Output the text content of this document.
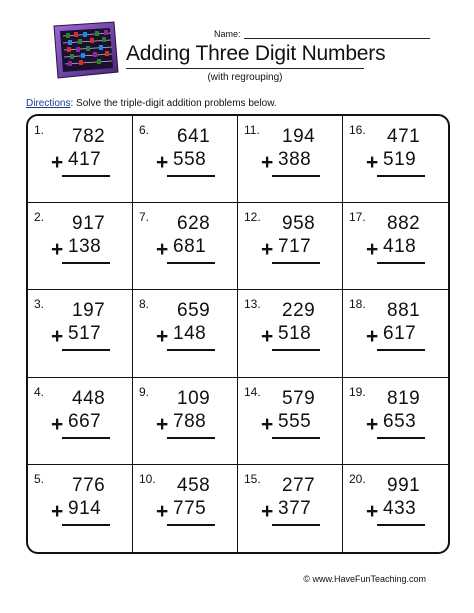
Name:
Adding Three Digit Numbers
(with regrouping)
Directions: Solve the triple-digit addition problems below.
1. 782
+ 417
6. 641
+ 558
11. 194
+ 388
16. 471
+ 519
2. 917
+ 138
7. 628
+ 681
12. 958
+ 717
17. 882
+ 418
3. 197
+ 517
8. 659
+ 148
13. 229
+ 518
18. 881
+ 617
4. 448
+ 667
9. 109
+ 788
14. 579
+ 555
19. 819
+ 653
5. 776
+ 914
10. 458
+ 775
15. 277
+ 377
20. 991
+ 433
© www.HaveFunTeaching.com
